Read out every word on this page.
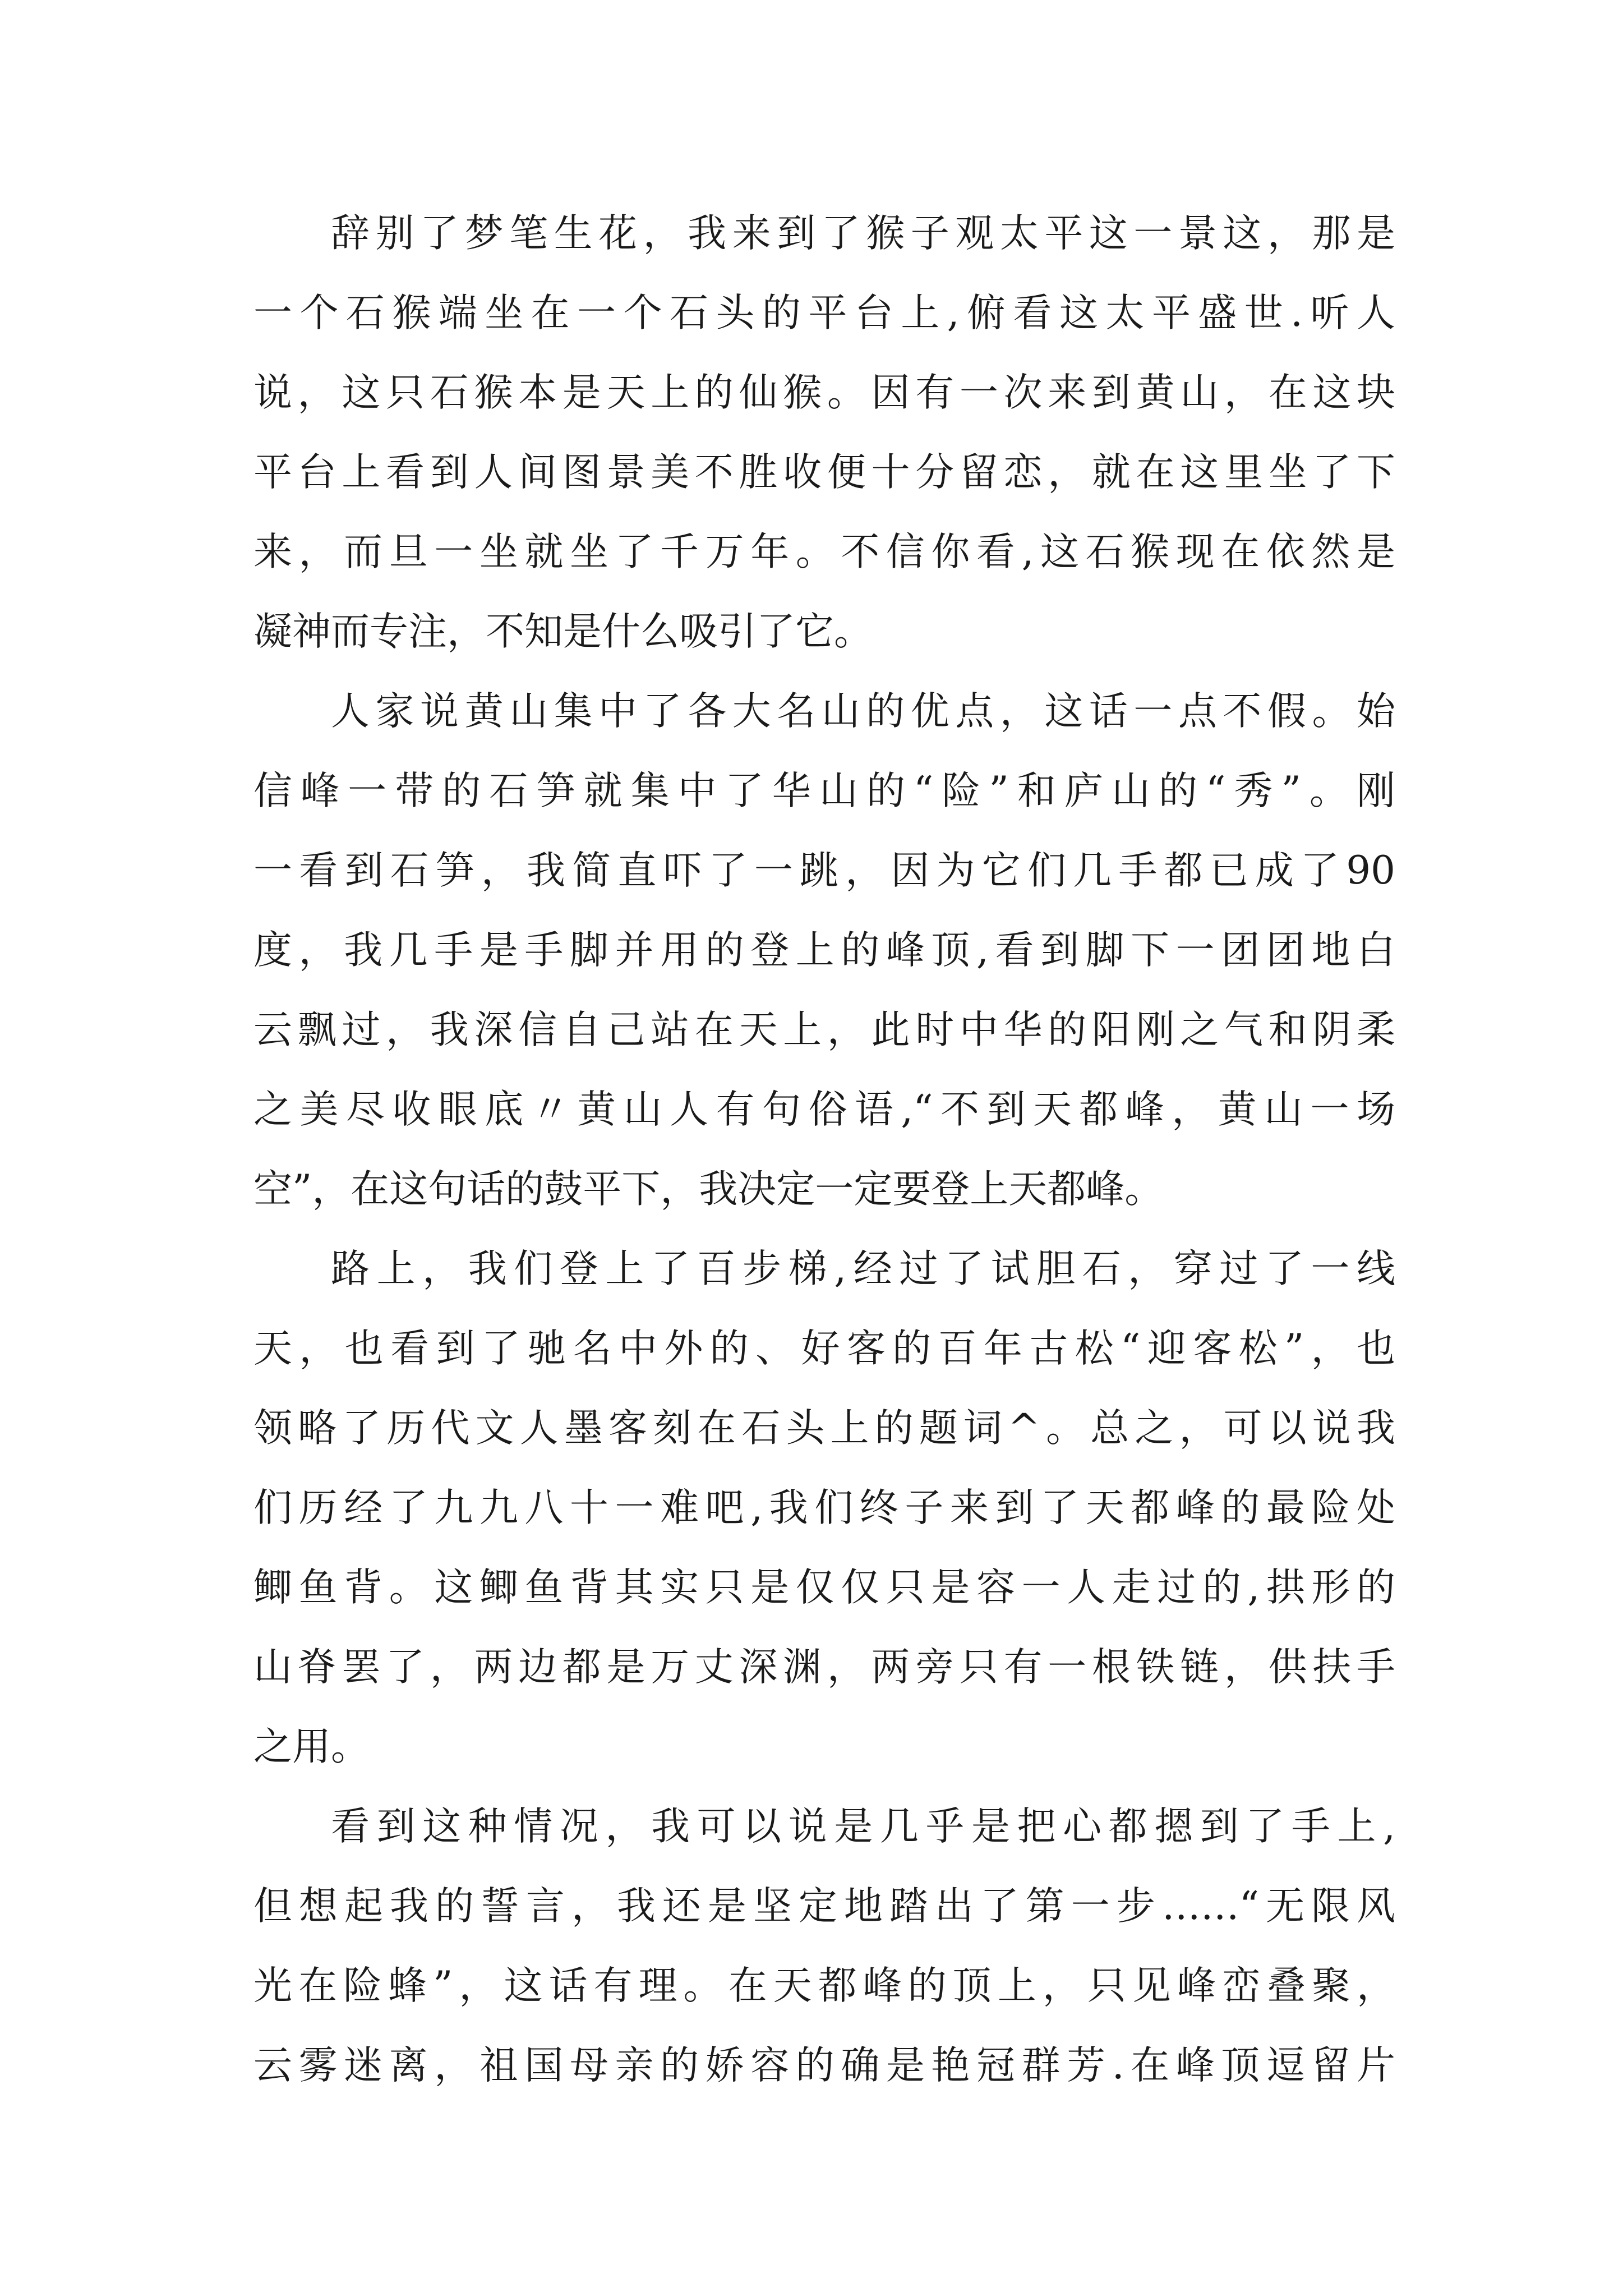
辞别了梦笔生花，我来到了猴子观太平这一景这，那是
一个石猴端坐在一个石头的平台上,俯看这太平盛世.听人
说，这只石猴本是天上的仙猴。因有一次来到黄山，在这块
平台上看到人间图景美不胜收便十分留恋，就在这里坐了下
来，而旦一坐就坐了千万年。不信你看,这石猴现在依然是
凝神而专注，不知是什么吸引了它。
人家说黄山集中了各大名山的优点，这话一点不假。始
信峰一带的石笋就集中了华山的“险”和庐山的“秀”。刚
一看到石笋，我简直吓了一跳，因为它们几手都已成了90
度，我几手是手脚并用的登上的峰顶,看到脚下一团团地白
云飘过，我深信自己站在天上，此时中华的阳刚之气和阴柔
之美尽收眼底〃黄山人有句俗语,“不到天都峰，黄山一场
空”，在这句话的鼓平下，我决定一定要登上天都峰。
路上，我们登上了百步梯,经过了试胆石，穿过了一线
天，也看到了驰名中外的、好客的百年古松“迎客松”，也
领略了历代文人墨客刻在石头上的题词^。总之，可以说我
们历经了九九八十一难吧,我们终子来到了天都峰的最险处
鲫鱼背。这鲫鱼背其实只是仅仅只是容一人走过的,拱形的
山脊罢了，两边都是万丈深渊，两旁只有一根铁链，供扶手
之用。
看到这种情况，我可以说是几乎是把心都摁到了手上,
但想起我的誓言，我还是坚定地踏出了第一步……“无限风
光在险蜂”，这话有理。在天都峰的顶上，只见峰峦叠聚，
云雾迷离，祖国母亲的娇容的确是艳冠群芳.在峰顶逗留片
